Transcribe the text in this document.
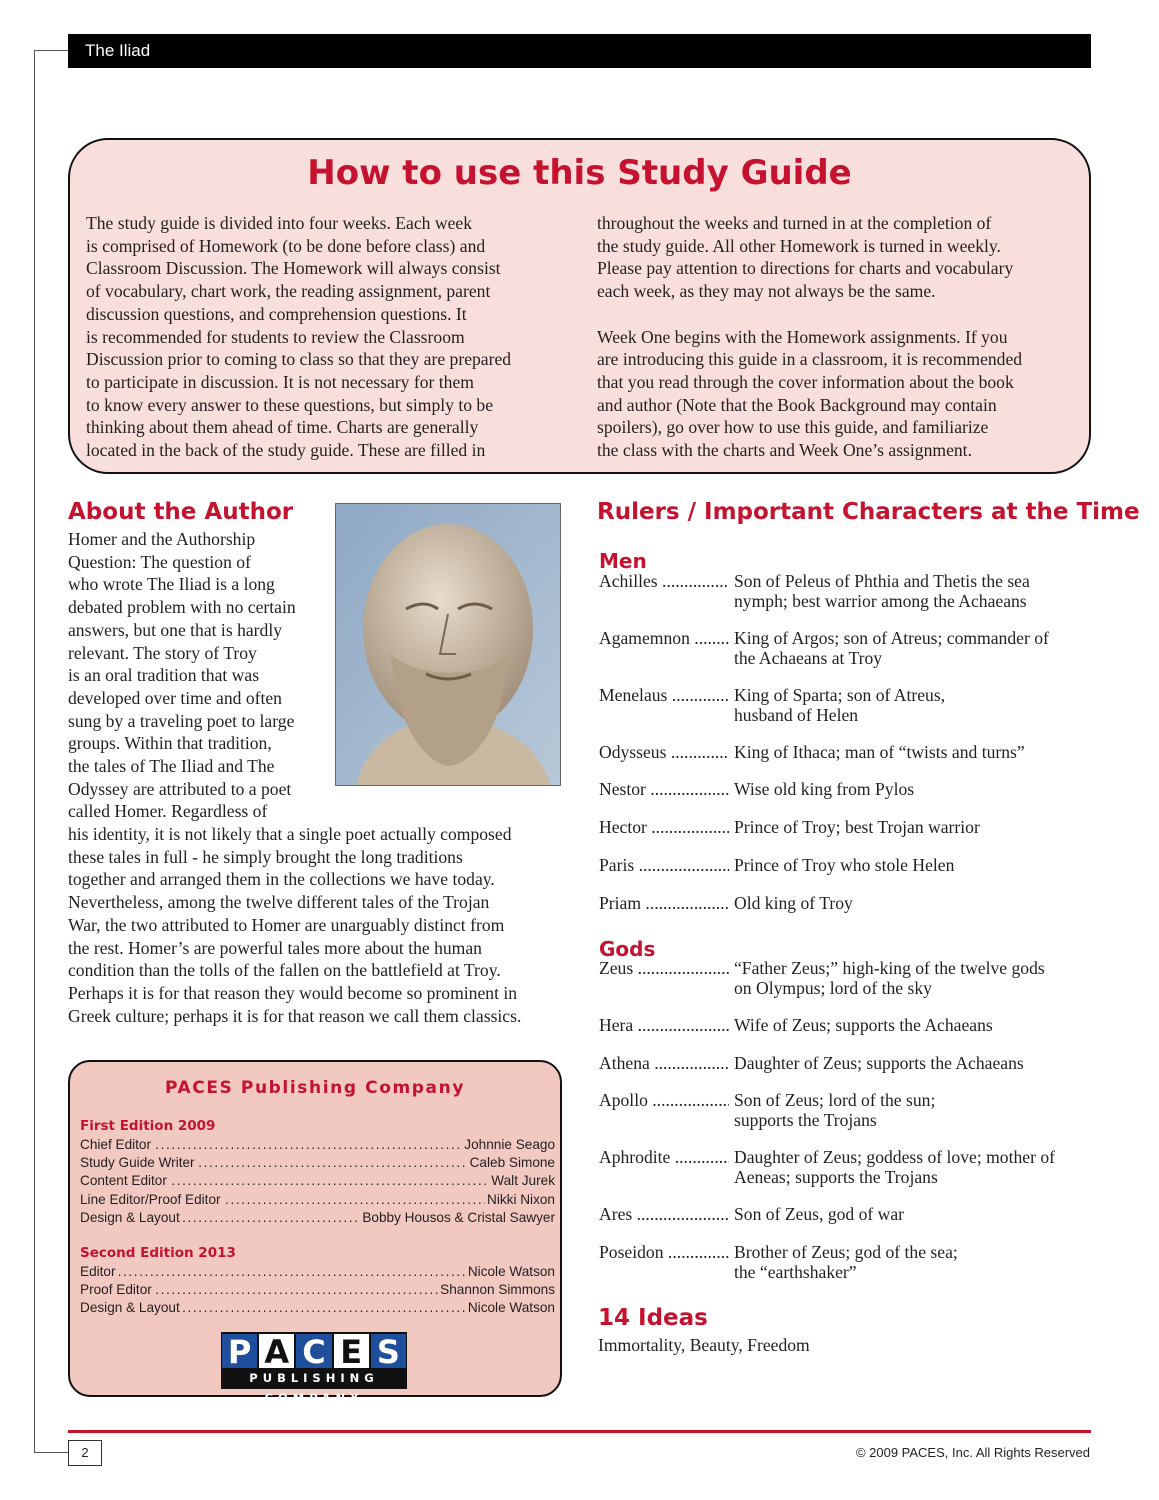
The Iliad
How to use this Study Guide
The study guide is divided into four weeks. Each week
is comprised of Homework (to be done before class) and
Classroom Discussion. The Homework will always consist
of vocabulary, chart work, the reading assignment, parent
discussion questions, and comprehension questions. It
is recommended for students to review the Classroom
Discussion prior to coming to class so that they are prepared
to participate in discussion. It is not necessary for them
to know every answer to these questions, but simply to be
thinking about them ahead of time. Charts are generally
located in the back of the study guide. These are filled in
throughout the weeks and turned in at the completion of
the study guide. All other Homework is turned in weekly.
Please pay attention to directions for charts and vocabulary
each week, as they may not always be the same.
Week One begins with the Homework assignments. If you
are introducing this guide in a classroom, it is recommended
that you read through the cover information about the book
and author (Note that the Book Background may contain
spoilers), go over how to use this guide, and familiarize
the class with the charts and Week One’s assignment.
About the Author
Homer and the Authorship
Question: The question of
who wrote The Iliad is a long
debated problem with no certain
answers, but one that is hardly
relevant. The story of Troy
is an oral tradition that was
developed over time and often
sung by a traveling poet to large
groups. Within that tradition,
the tales of The Iliad and The
Odyssey are attributed to a poet
called Homer. Regardless of
his identity, it is not likely that a single poet actually composed
these tales in full - he simply brought the long traditions
together and arranged them in the collections we have today.
Nevertheless, among the twelve different tales of the Trojan
War, the two attributed to Homer are unarguably distinct from
the rest. Homer’s are powerful tales more about the human
condition than the tolls of the fallen on the battlefield at Troy.
Perhaps it is for that reason they would become so prominent in
Greek culture; perhaps it is for that reason we call them classics.
Rulers / Important Characters at the Time
Men
Achilles .....	Son of Peleus of Phthia and Thetis the sea
nymph; best warrior among the Achaeans
Agamemnon .....	King of Argos; son of Atreus; commander of
the Achaeans at Troy
Menelaus .....	King of Sparta; son of Atreus,
husband of Helen
Odysseus .....	King of Ithaca; man of “twists and turns”
Nestor .....	Wise old king from Pylos
Hector .....	Prince of Troy; best Trojan warrior
Paris .....	Prince of Troy who stole Helen
Priam .....	Old king of Troy
Gods
Zeus .....	“Father Zeus;” high-king of the twelve gods
on Olympus; lord of the sky
Hera .....	Wife of Zeus; supports the Achaeans
Athena .....	Daughter of Zeus; supports the Achaeans
Apollo .....	Son of Zeus; lord of the sun;
supports the Trojans
Aphrodite .....	Daughter of Zeus; goddess of love; mother of
Aeneas; supports the Trojans
Ares .....	Son of Zeus, god of war
Poseidon .....	Brother of Zeus; god of the sea;
the “earthshaker”
14 Ideas
Immortality, Beauty, Freedom
PACES Publishing Company
First Edition 2009
Chief Editor	Johnnie Seago
.....
Study Guide Writer	Caleb Simone
.....
Content Editor	Walt Jurek
.....
Line Editor/Proof Editor	Nikki Nixon
.....
Design & Layout	Bobby Housos & Cristal Sawyer
.....
Second Edition 2013
Editor	Nicole Watson
.....
Proof Editor	Shannon Simmons
.....
Design & Layout	Nicole Watson
.....
P A C E S
PUBLISHING COMPANY
2	© 2009 PACES, Inc. All Rights Reserved
